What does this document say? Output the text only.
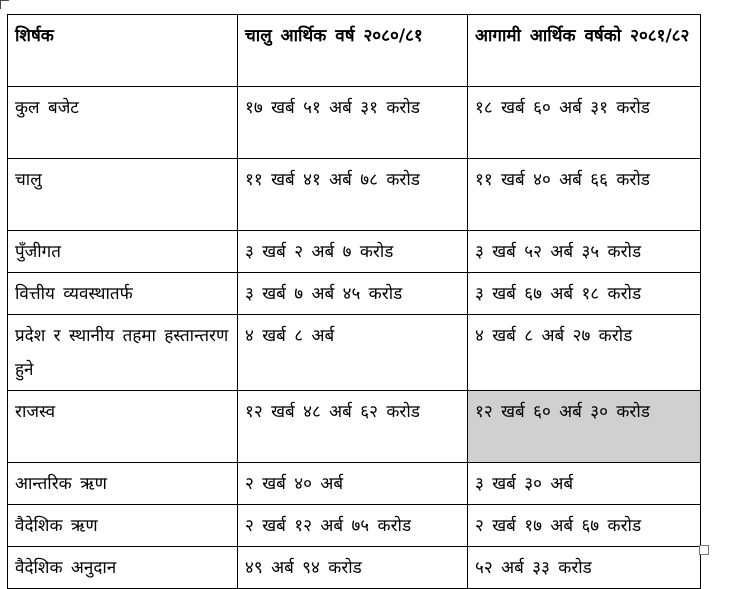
शिर्षक	चालु आर्थिक वर्ष २०८०/८१	आगामी आर्थिक वर्षको २०८१/८२
कुल बजेट	१७ खर्ब ५१ अर्ब ३१ करोड	१८ खर्ब ६० अर्ब ३१ करोड
चालु	११ खर्ब ४१ अर्ब ७८ करोड	११ खर्ब ४० अर्ब ६६ करोड
पुँजीगत	३ खर्ब २ अर्ब ७ करोड	३ खर्ब ५२ अर्ब ३५ करोड
वित्तीय व्यवस्थातर्फ	३ खर्ब ७ अर्ब ४५ करोड	३ खर्ब ६७ अर्ब १८ करोड
प्रदेश र स्थानीय तहमा हस्तान्तरण हुने	४ खर्ब ८ अर्ब	४ खर्ब ८ अर्ब २७ करोड
राजस्व	१२ खर्ब ४८ अर्ब ६२ करोड	१२ खर्ब ६० अर्ब ३० करोड
आन्तरिक ऋण	२ खर्ब ४० अर्ब	३ खर्ब ३० अर्ब
वैदेशिक ऋण	२ खर्ब १२ अर्ब ७५ करोड	२ खर्ब १७ अर्ब ६७ करोड
वैदेशिक अनुदान	४९ अर्ब ९४ करोड	५२ अर्ब ३३ करोड
